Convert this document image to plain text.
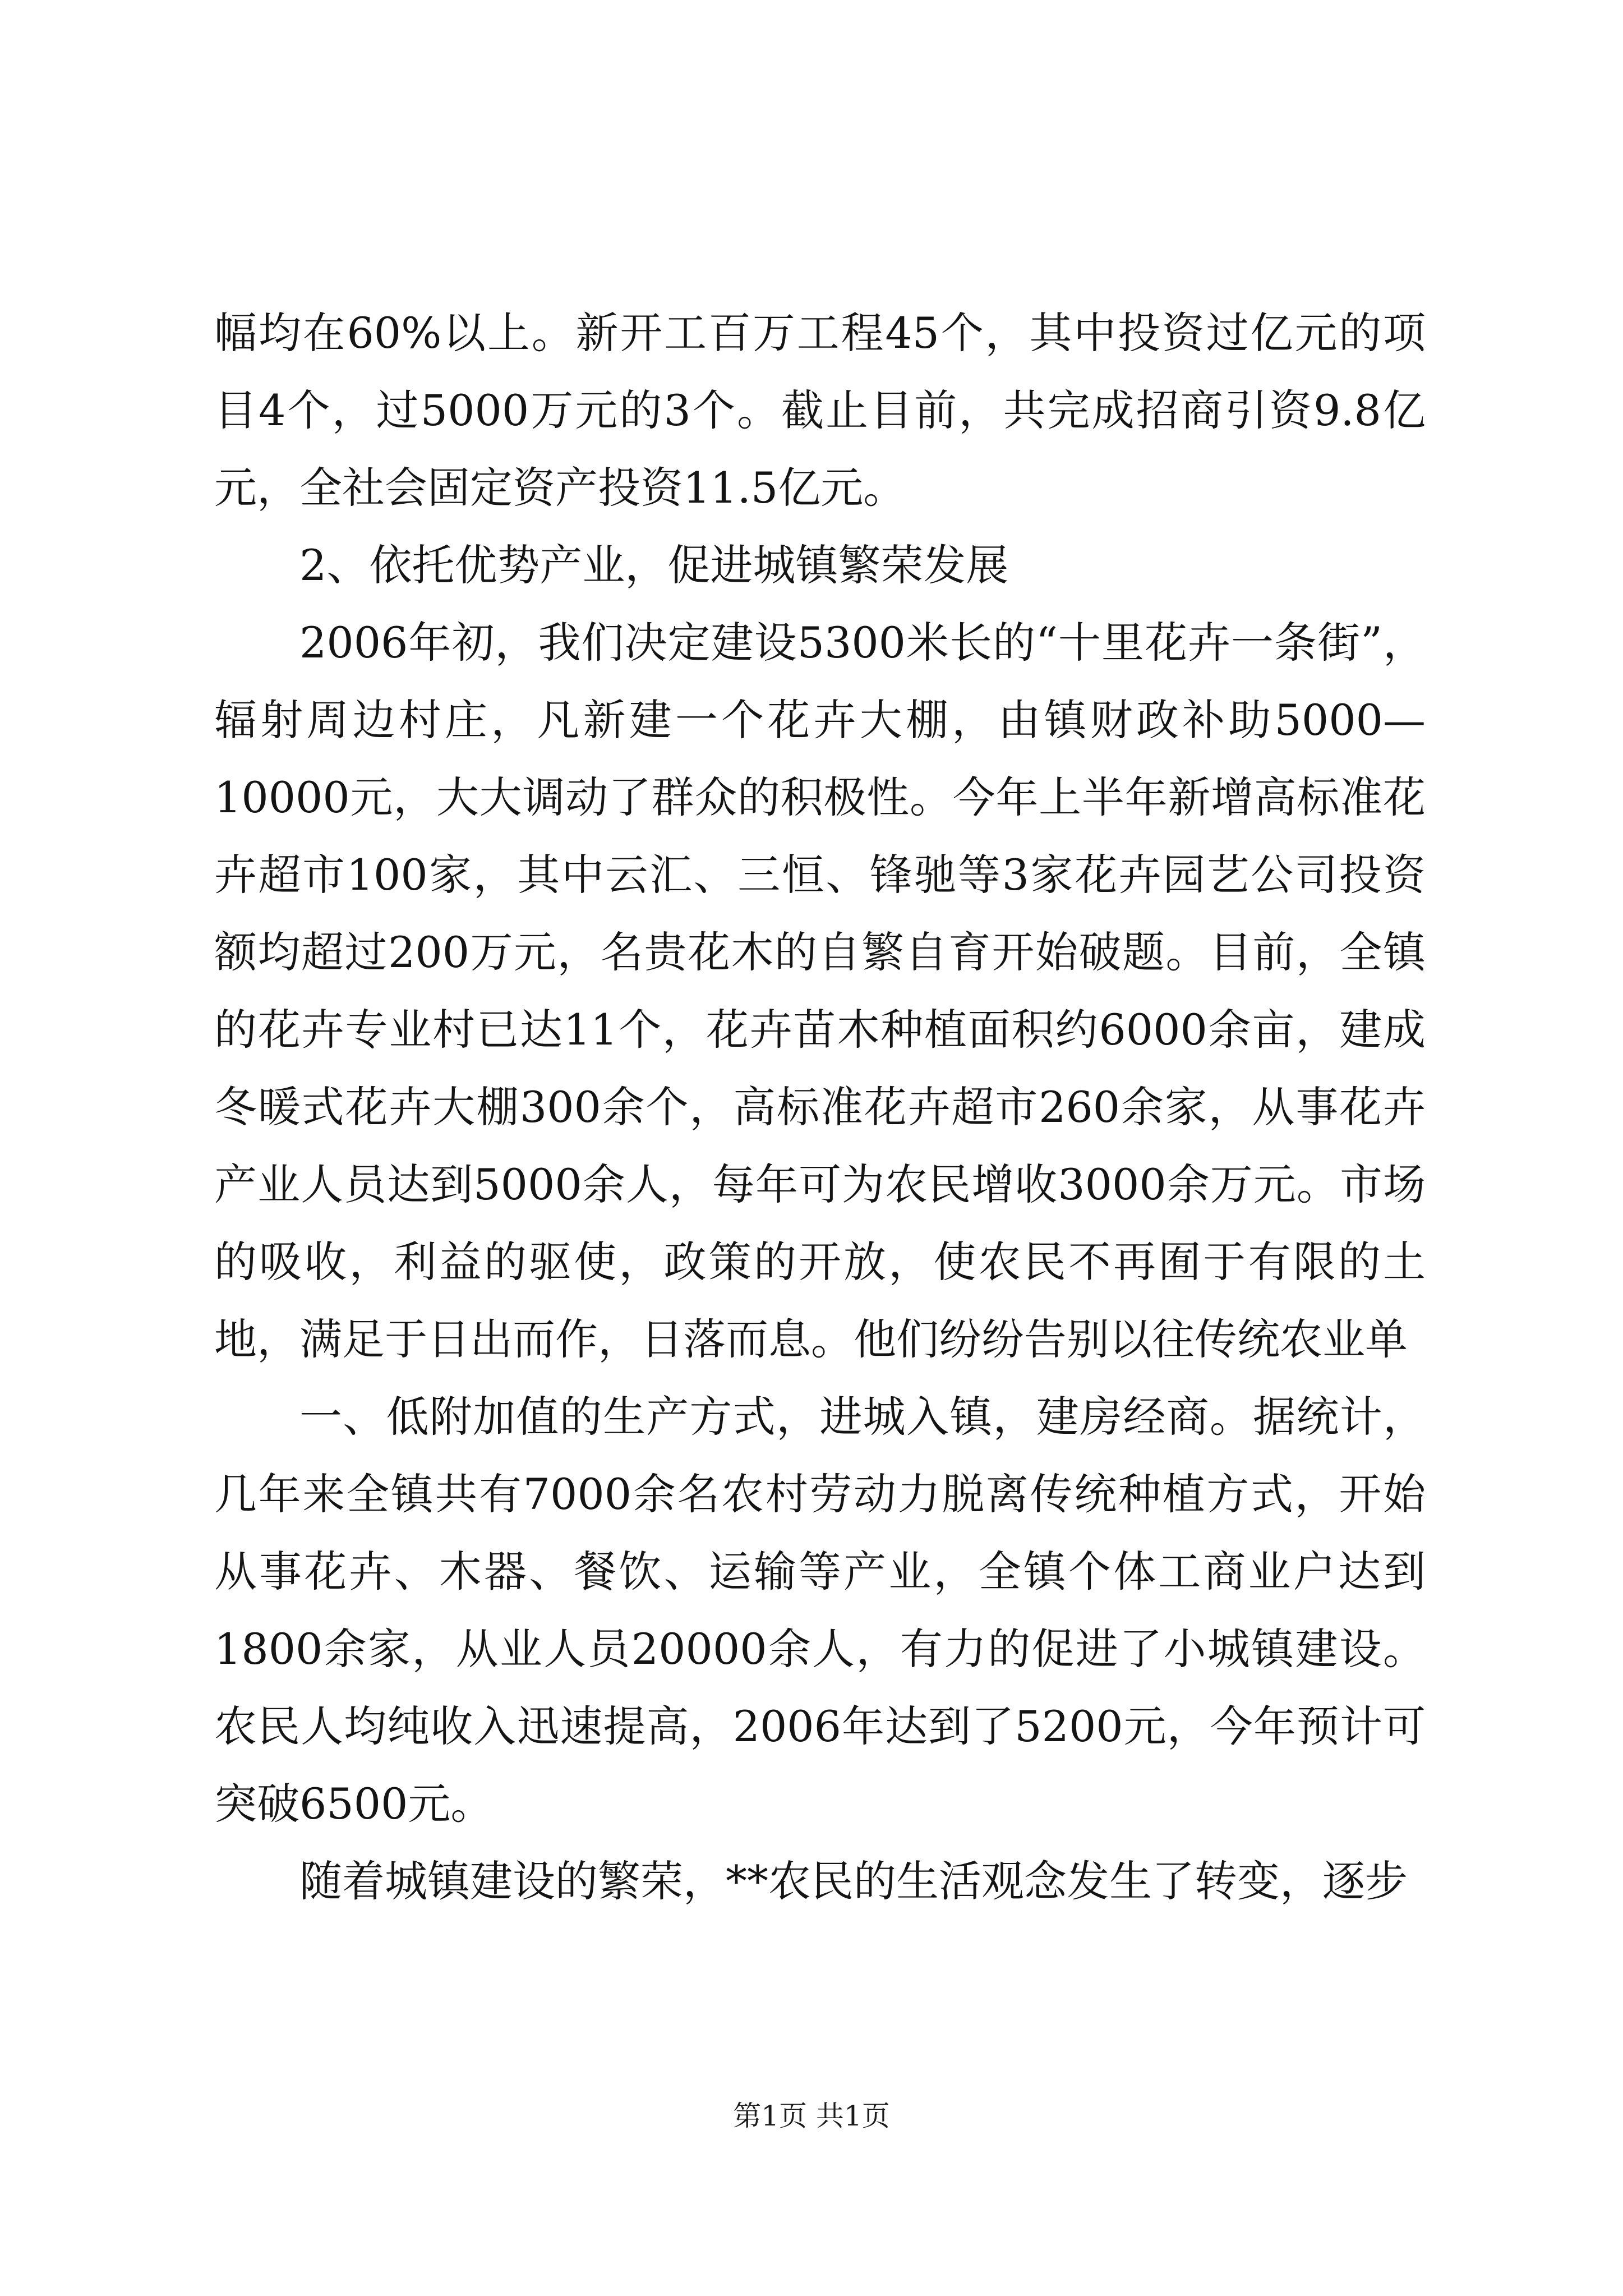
幅均在60%以上。新开工百万工程45个，其中投资过亿元的项目4个，过5000万元的3个。截止目前，共完成招商引资9.8亿元，全社会固定资产投资11.5亿元。

2、依托优势产业，促进城镇繁荣发展

2006年初，我们决定建设5300米长的“十里花卉一条街”，辐射周边村庄，凡新建一个花卉大棚，由镇财政补助5000—10000元，大大调动了群众的积极性。今年上半年新增高标准花卉超市100家，其中云汇、三恒、锋驰等3家花卉园艺公司投资额均超过200万元，名贵花木的自繁自育开始破题。目前，全镇的花卉专业村已达11个，花卉苗木种植面积约6000余亩，建成冬暖式花卉大棚300余个，高标准花卉超市260余家，从事花卉产业人员达到5000余人，每年可为农民增收3000余万元。市场的吸收，利益的驱使，政策的开放，使农民不再囿于有限的土地，满足于日出而作，日落而息。他们纷纷告别以往传统农业单

一、低附加值的生产方式，进城入镇，建房经商。据统计，几年来全镇共有7000余名农村劳动力脱离传统种植方式，开始从事花卉、木器、餐饮、运输等产业，全镇个体工商业户达到1800余家，从业人员20000余人，有力的促进了小城镇建设。农民人均纯收入迅速提高，2006年达到了5200元，今年预计可突破6500元。

随着城镇建设的繁荣，**农民的生活观念发生了转变，逐步

第1页 共1页
